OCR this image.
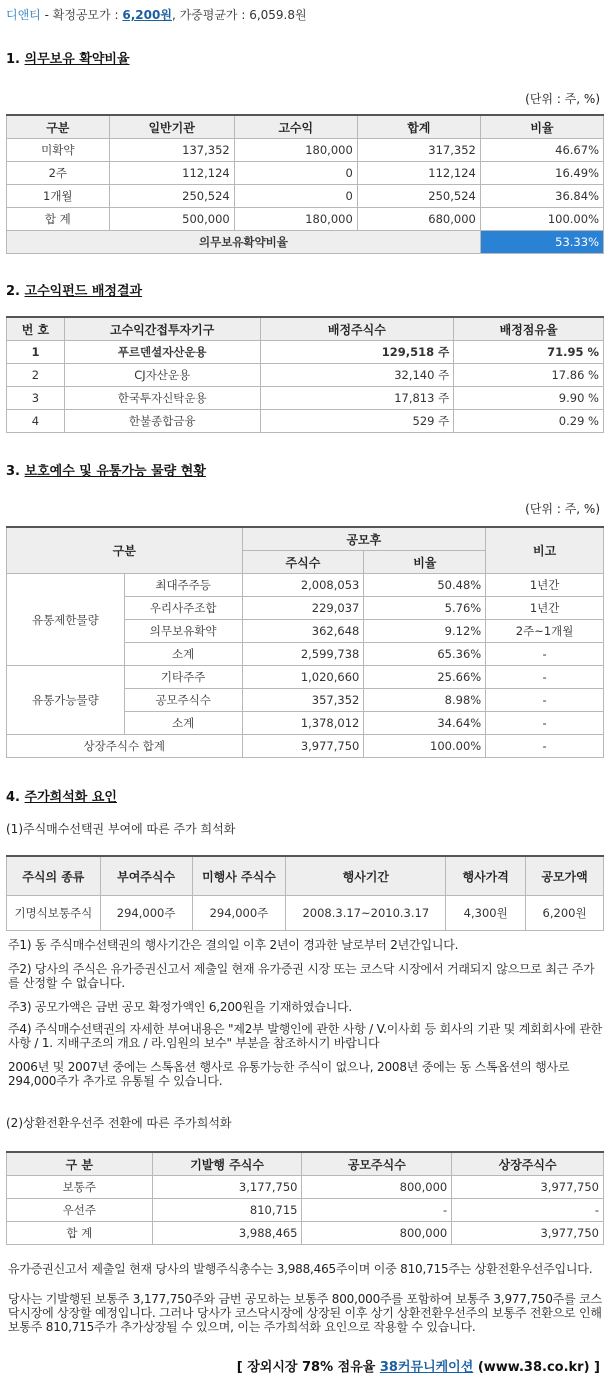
디앤티 - 확정공모가 : 6,200원, 가중평균가 : 6,059.8원
1. 의무보유 확약비율
(단위 : 주, %)
구분	일반기관	고수익	합계	비율
미확약	137,352	180,000	317,352	46.67%
2주	112,124	0	112,124	16.49%
1개월	250,524	0	250,524	36.84%
합 계	500,000	180,000	680,000	100.00%
의무보유확약비율				53.33%
2. 고수익펀드 배정결과
번 호	고수익간접투자기구	배정주식수	배정점유율
1	푸르덴셜자산운용	129,518 주	71.95 %
2	CJ자산운용	32,140 주	17.86 %
3	한국투자신탁운용	17,813 주	9.90 %
4	한불종합금융	529 주	0.29 %
3. 보호예수 및 유통가능 물량 현황
(단위 : 주, %)
구분		공모후		비고
		주식수	비율	
유통제한물량	최대주주등	2,008,053	50.48%	1년간
	우리사주조합	229,037	5.76%	1년간
	의무보유확약	362,648	9.12%	2주~1개월
	소계	2,599,738	65.36%	-
유통가능물량	기타주주	1,020,660	25.66%	-
	공모주식수	357,352	8.98%	-
	소계	1,378,012	34.64%	-
상장주식수 합계		3,977,750	100.00%	-
4. 주가희석화 요인
(1)주식매수선택권 부여에 따른 주가 희석화
주식의 종류	부여주식수	미행사 주식수	행사기간	행사가격	공모가액
기명식보통주식	294,000주	294,000주	2008.3.17~2010.3.17	4,300원	6,200원
주1) 동 주식매수선택권의 행사기간은 결의일 이후 2년이 경과한 날로부터 2년간입니다.
주2) 당사의 주식은 유가증권신고서 제출일 현재 유가증권 시장 또는 코스닥 시장에서 거래되지 않으므로 최근 주가를 산정할 수 없습니다.
주3) 공모가액은 금번 공모 확정가액인 6,200원을 기재하였습니다.
주4) 주식매수선택권의 자세한 부여내용은 "제2부 발행인에 관한 사항 / V.이사회 등 회사의 기관 및 계회회사에 관한 사항 / 1. 지배구조의 개요 / 라.임원의 보수" 부분을 참조하시기 바랍니다
2006년 및 2007년 중에는 스톡옵션 행사로 유통가능한 주식이 없으나, 2008년 중에는 동 스톡옵션의 행사로 294,000주가 추가로 유통될 수 있습니다.
(2)상환전환우선주 전환에 따른 주가희석화
구 분	기발행 주식수	공모주식수	상장주식수
보통주	3,177,750	800,000	3,977,750
우선주	810,715	-	-
합 계	3,988,465	800,000	3,977,750
유가증권신고서 제출일 현재 당사의 발행주식총수는 3,988,465주이며 이중 810,715주는 상환전환우선주입니다.
당사는 기발행된 보통주 3,177,750주와 금번 공모하는 보통주 800,000주를 포함하여 보통주 3,977,750주를 코스닥시장에 상장할 예정입니다. 그러나 당사가 코스닥시장에 상장된 이후 상기 상환전환우선주의 보통주 전환으로 인해 보통주 810,715주가 추가상장될 수 있으며, 이는 주가희석화 요인으로 작용할 수 있습니다.
[ 장외시장 78% 점유율 38커뮤니케이션 (www.38.co.kr) ]
